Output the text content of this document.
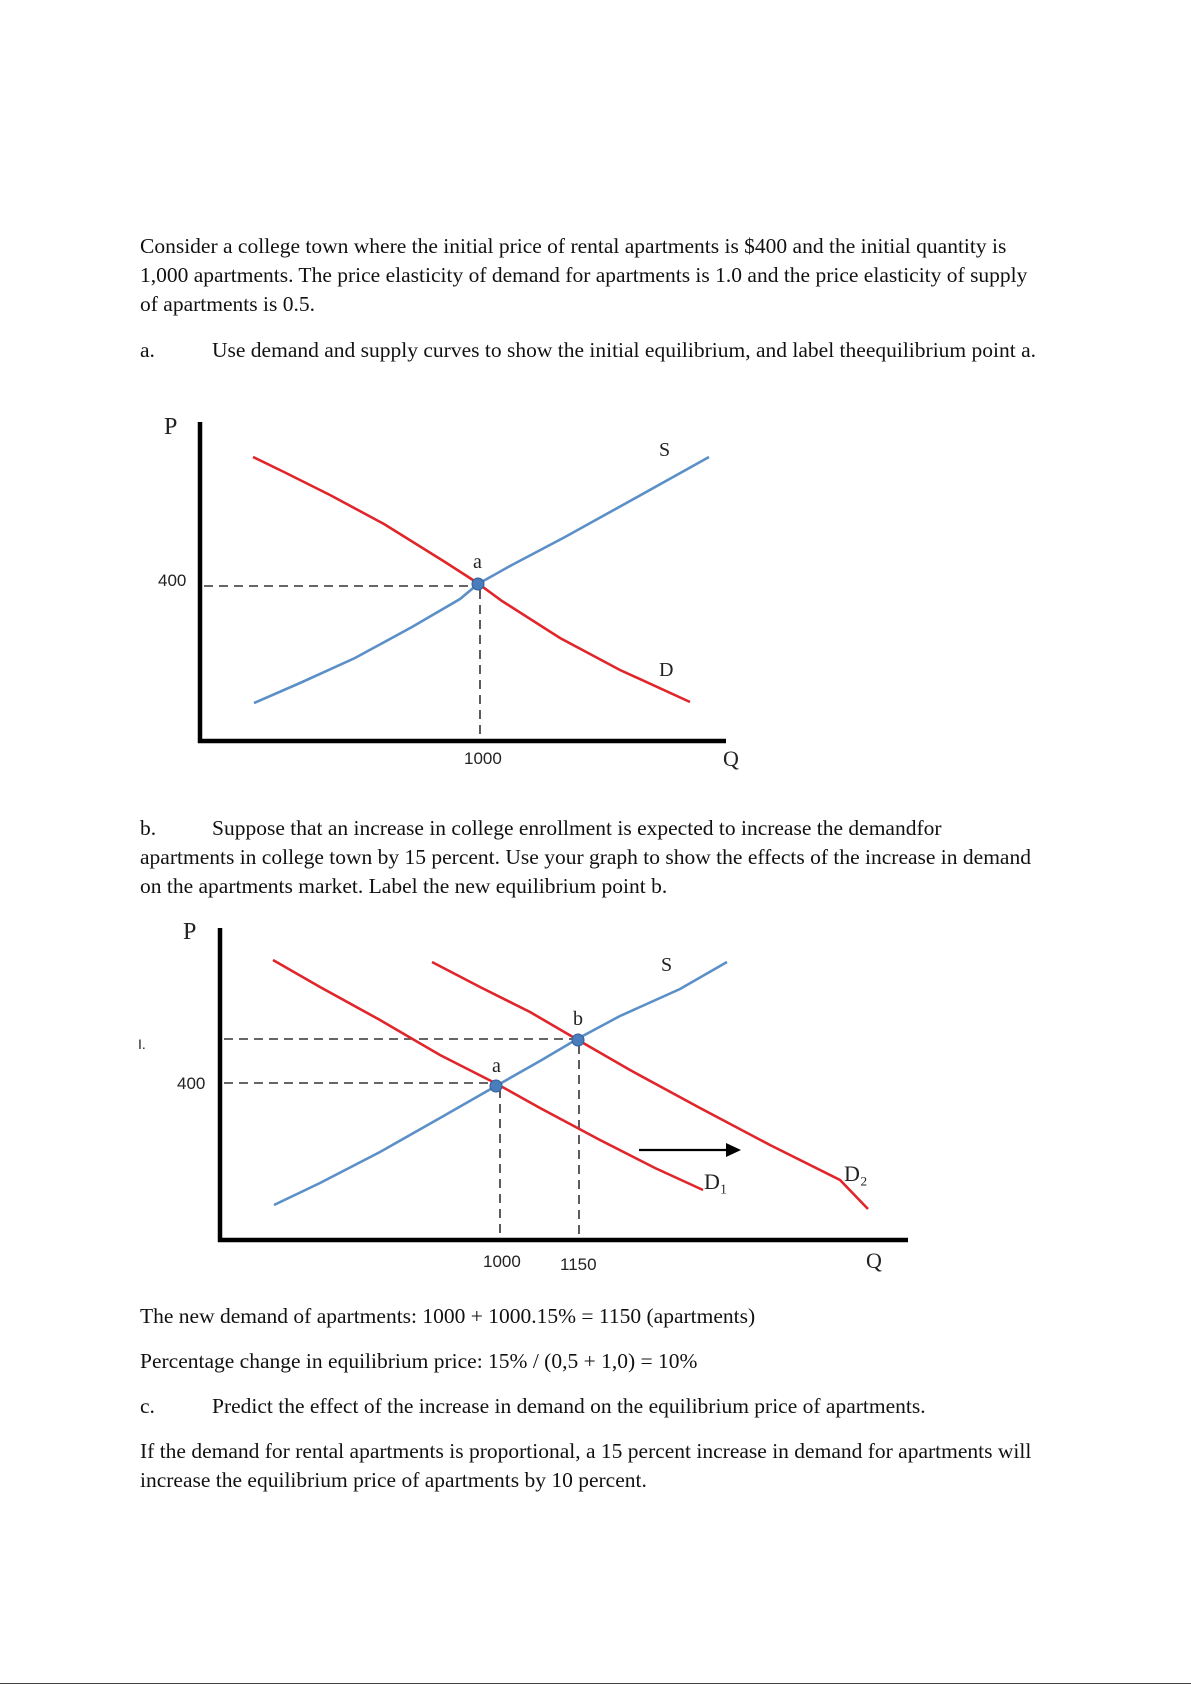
Consider a college town where the initial price of rental apartments is $400 and the initial quantity is 1,000 apartments. The price elasticity of demand for apartments is 1.0 and the price elasticity of supply of apartments is 0.5.

a.	Use demand and supply curves to show the initial equilibrium, and label theequilibrium point a.
P
Q
S
D
a
400
1000
b.	Suppose that an increase in college enrollment is expected to increase the demandfor apartments in college town by 15 percent. Use your graph to show the effects of the increase in demand on the apartments market. Label the new equilibrium point b.
P
Q
S
D₁	D₂
a
b
400
I.
1000 1150
The new demand of apartments: 1000 + 1000.15% = 1150 (apartments)
Percentage change in equilibrium price: 15% / (0,5 + 1,0) = 10%
c.	Predict the effect of the increase in demand on the equilibrium price of apartments.

If the demand for rental apartments is proportional, a 15 percent increase in demand for apartments will increase the equilibrium price of apartments by 10 percent.
